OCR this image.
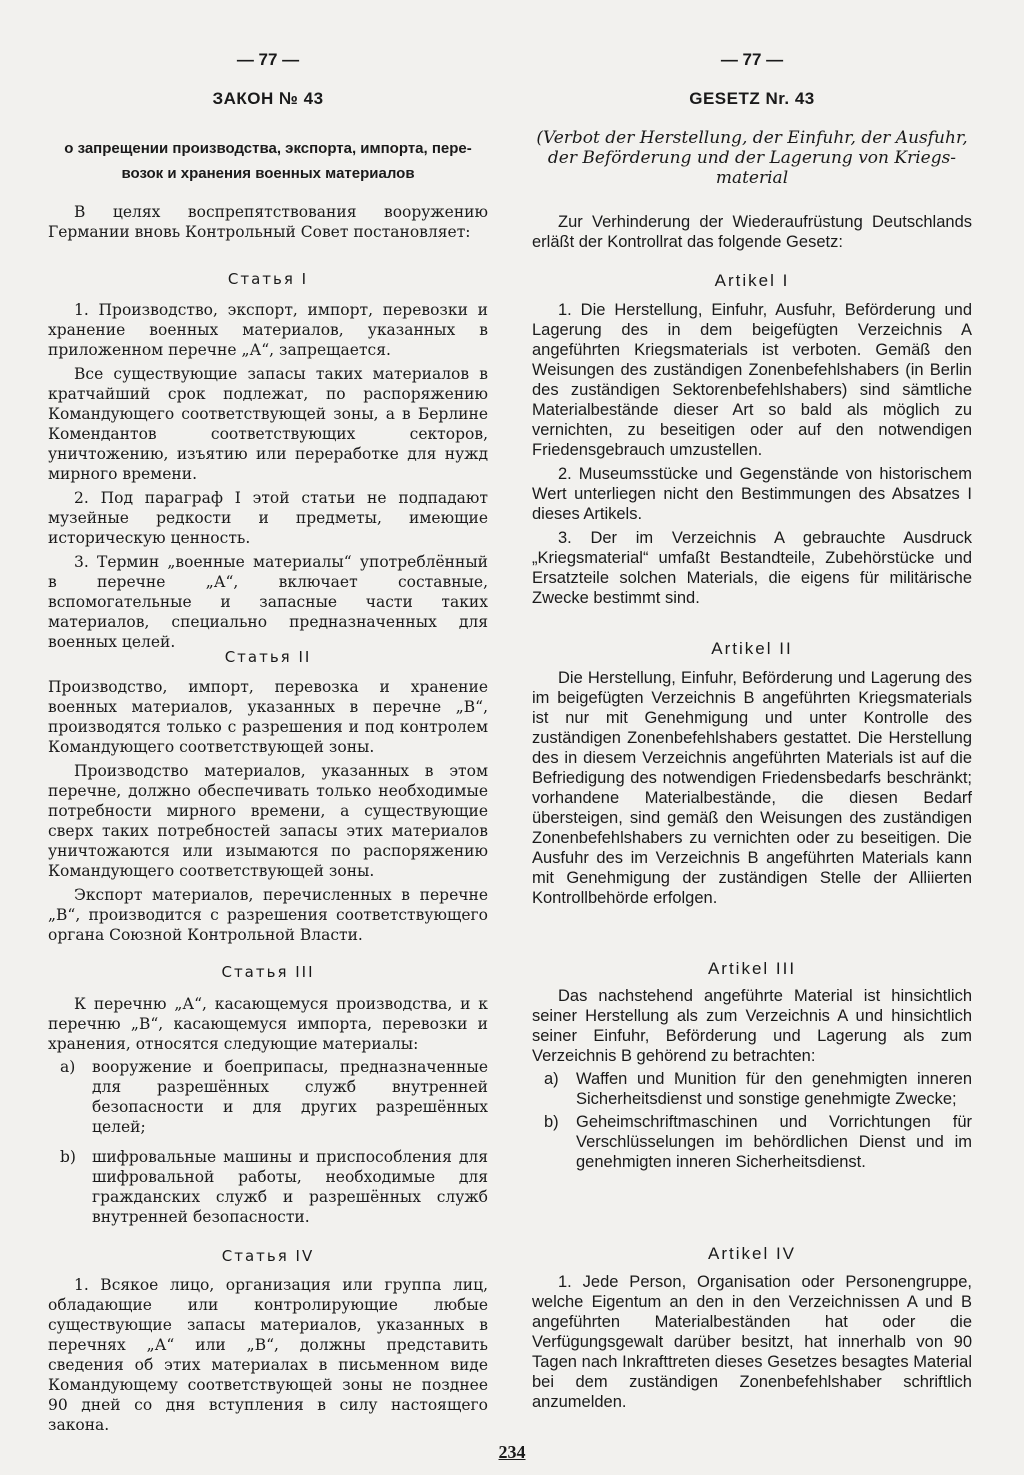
— 77 —
ЗАКОН № 43
о запрещении производства, экспорта, импорта, пере-
возок и хранения военных материалов

В целях воспрепятствования вооружению Германии вновь Контрольный Совет постановляет:

Статья I

1. Производство, экспорт, импорт, перевозки и хранение военных материалов, указанных в приложенном перечне „А“, запрещается.

Все существующие запасы таких материалов в кратчайший срок подлежат, по распоряжению Командующего соответствующей зоны, а в Берлине Комендантов соответствующих секторов, уничтожению, изъятию или переработке для нужд мирного времени.

2. Под параграф I этой статьи не подпадают музейные редкости и предметы, имеющие историческую ценность.

3. Термин „военные материалы“ употреблённый в перечне „А“, включает составные, вспомогательные и запасные части таких материалов, специально предназначенных для военных целей.

Статья II

Производство, импорт, перевозка и хранение военных материалов, указанных в перечне „В“, производятся только с разрешения и под контролем Командующего соответствующей зоны.

Производство материалов, указанных в этом перечне, должно обеспечивать только необходимые потребности мирного времени, а существующие сверх таких потребностей запасы этих материалов уничтожаются или изымаются по распоряжению Командующего соответствующей зоны.

Экспорт материалов, перечисленных в перечне „В“, производится с разрешения соответствующего органа Союзной Контрольной Власти.

Статья III

К перечню „А“, касающемуся производства, и к перечню „В“, касающемуся импорта, перевозки и хранения, относятся следующие материалы:

a)	вооружение и боеприпасы, предназначенные для разрешённых служб внутренней безопасности и для других разрешённых целей;

b)	шифровальные машины и приспособления для шифровальной работы, необходимые для гражданских служб и разрешённых служб внутренней безопасности.

Статья IV

1. Всякое лицо, организация или группа лиц, обладающие или контролирующие любые существующие запасы материалов, указанных в перечнях „А“ или „В“, должны представить сведения об этих материалах в письменном виде Командующему соответствующей зоны не позднее 90 дней со дня вступления в силу настоящего закона.

— 77 —
GESETZ Nr. 43
(Verbot der Herstellung, der Einfuhr, der Ausfuhr,
der Beförderung und der Lagerung von Kriegs-
material

Zur Verhinderung der Wiederaufrüstung Deutschlands erläßt der Kontrollrat das folgende Gesetz:

Artikel I

1. Die Herstellung, Einfuhr, Ausfuhr, Beförderung und Lagerung des in dem beigefügten Verzeichnis A angeführten Kriegsmaterials ist verboten. Gemäß den Weisungen des zuständigen Zonenbefehlshabers (in Berlin des zuständigen Sektorenbefehlshabers) sind sämtliche Materialbestände dieser Art so bald als möglich zu vernichten, zu beseitigen oder auf den notwendigen Friedensgebrauch umzustellen.

2. Museumsstücke und Gegenstände von historischem Wert unterliegen nicht den Bestimmungen des Absatzes I dieses Artikels.

3. Der im Verzeichnis A gebrauchte Ausdruck „Kriegsmaterial“ umfaßt Bestandteile, Zubehörstücke und Ersatzteile solchen Materials, die eigens für militärische Zwecke bestimmt sind.

Artikel II

Die Herstellung, Einfuhr, Beförderung und Lagerung des im beigefügten Verzeichnis B angeführten Kriegsmaterials ist nur mit Genehmigung und unter Kontrolle des zuständigen Zonenbefehlshabers gestattet. Die Herstellung des in diesem Verzeichnis angeführten Materials ist auf die Befriedigung des notwendigen Friedensbedarfs beschränkt; vorhandene Materialbestände, die diesen Bedarf übersteigen, sind gemäß den Weisungen des zuständigen Zonenbefehlshabers zu vernichten oder zu beseitigen. Die Ausfuhr des im Verzeichnis B angeführten Materials kann mit Genehmigung der zuständigen Stelle der Alliierten Kontrollbehörde erfolgen.

Artikel III

Das nachstehend angeführte Material ist hinsichtlich seiner Herstellung als zum Verzeichnis A und hinsichtlich seiner Einfuhr, Beförderung und Lagerung als zum Verzeichnis B gehörend zu betrachten:

a)	Waffen und Munition für den genehmigten inneren Sicherheitsdienst und sonstige genehmigte Zwecke;

b)	Geheimschriftmaschinen und Vorrichtungen für Verschlüsselungen im behördlichen Dienst und im genehmigten inneren Sicherheitsdienst.

Artikel IV

1. Jede Person, Organisation oder Personengruppe, welche Eigentum an den in den Verzeichnissen A und B angeführten Materialbeständen hat oder die Verfügungsgewalt darüber besitzt, hat innerhalb von 90 Tagen nach Inkrafttreten dieses Gesetzes besagtes Material bei dem zuständigen Zonenbefehlshaber schriftlich anzumelden.

234
